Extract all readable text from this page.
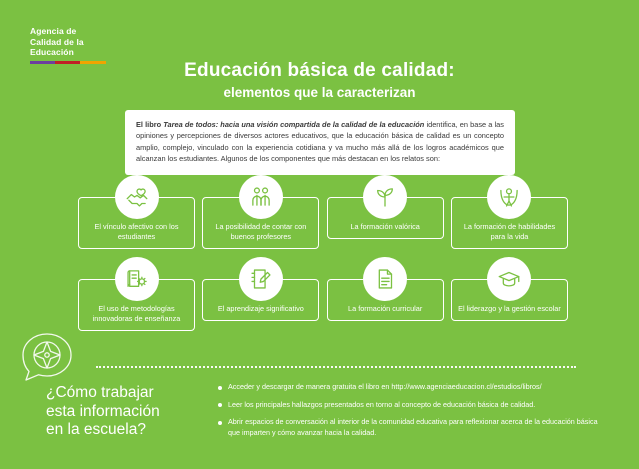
Agencia de
Calidad de la
Educación
Educación básica de calidad:
elementos que la caracterizan

El libro Tarea de todos: hacia una visión compartida de la calidad de la educación identifica, en base a las opiniones y percepciones de diversos actores educativos, que la educación básica de calidad es un concepto amplio, complejo, vinculado con la experiencia cotidiana y va mucho más allá de los logros académicos que alcanzan los estudiantes. Algunos de los componentes que más destacan en los relatos son:

El vínculo afectivo con los estudiantes
La posibilidad de contar con buenos profesores
La formación valórica	La formación de habilidades para la vida
El uso de metodologías innovadoras de enseñanza
El aprendizaje significativo	La formación curricular	El liderazgo y la gestión escolar
¿Cómo trabajar
esta información
en la escuela?
Acceder y descargar de manera gratuita el libro en http://www.agenciaeducacion.cl/estudios/libros/
Leer los principales hallazgos presentados en torno al concepto de educación básica de calidad.
Abrir espacios de conversación al interior de la comunidad educativa para reflexionar acerca de la educación básica que imparten y cómo avanzar hacia la calidad.
